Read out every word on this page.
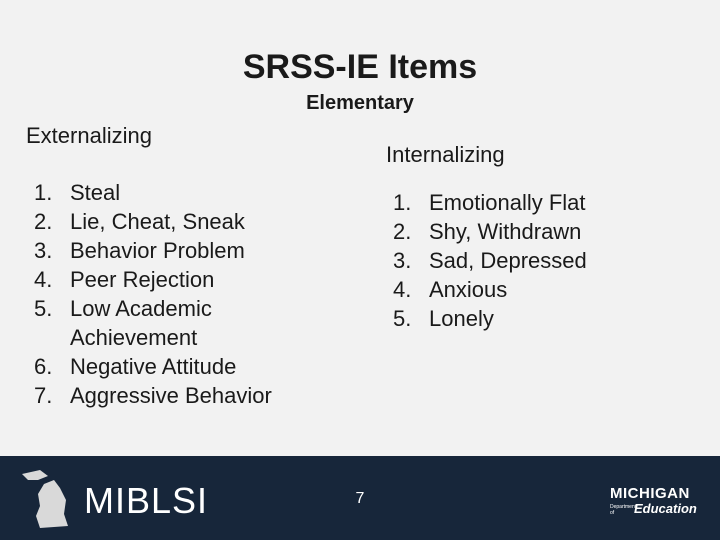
SRSS-IE Items
Elementary
Externalizing
Internalizing
1. Steal
2. Lie, Cheat, Sneak
3. Behavior Problem
4. Peer Rejection
5. Low Academic Achievement
6. Negative Attitude
7. Aggressive Behavior
1. Emotionally Flat
2. Shy, Withdrawn
3. Sad, Depressed
4. Anxious
5. Lonely
MIBLSI	7	MICHIGAN
Department of	Education
